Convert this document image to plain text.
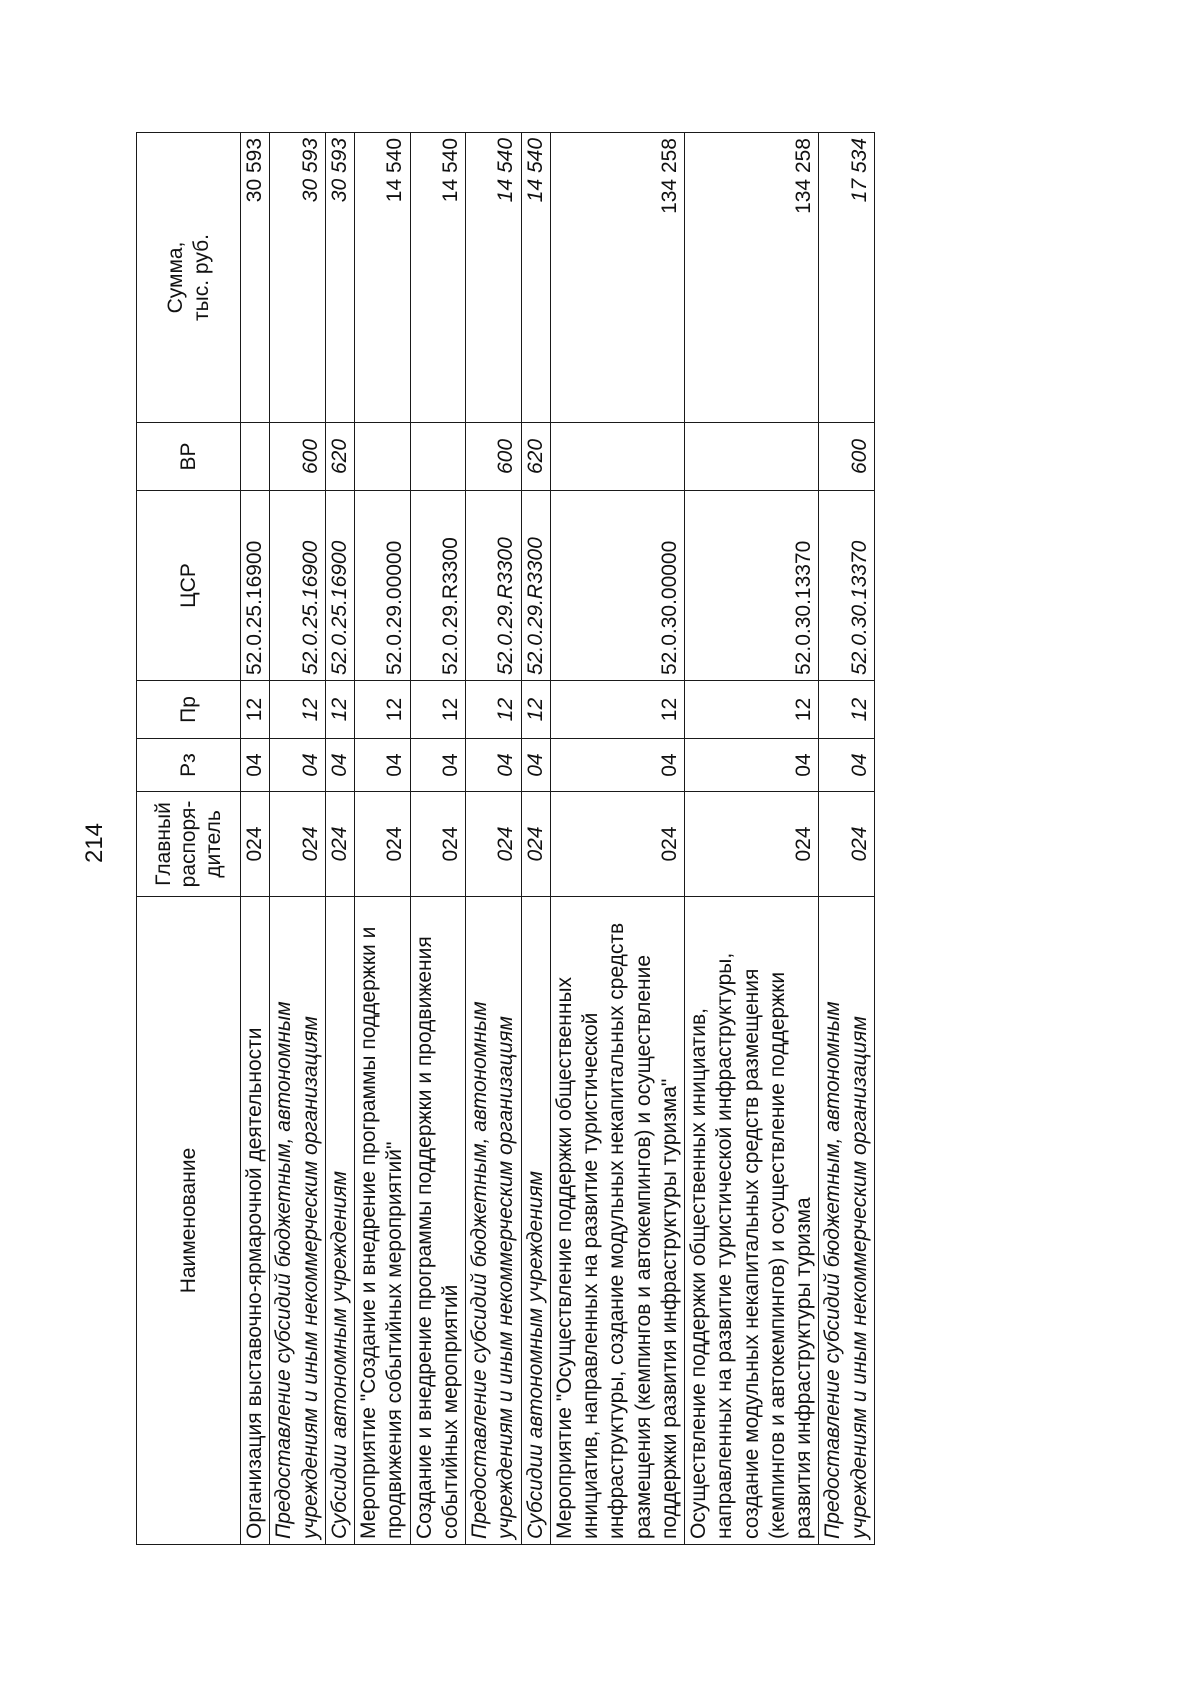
214
Наименование	Главный распоря- дитель	Рз	Пр	ЦСР	ВР	Сумма, тыс. руб.

Организация выставочно-ярмарочной деятельности	024	04	12	52.0.25.16900		30 593
Предоставление субсидий бюджетным, автономным учреждениям и иным некоммерческим организациям	024	04	12	52.0.25.16900	600	30 593
Субсидии автономным учреждениям	024	04	12	52.0.25.16900	620	30 593
Мероприятие "Создание и внедрение программы поддержки и продвижения событийных мероприятий"	024	04	12	52.0.29.00000		14 540
Создание и внедрение программы поддержки и продвижения событийных мероприятий	024	04	12	52.0.29.R3300		14 540
Предоставление субсидий бюджетным, автономным учреждениям и иным некоммерческим организациям	024	04	12	52.0.29.R3300	600	14 540
Субсидии автономным учреждениям	024	04	12	52.0.29.R3300	620	14 540
Мероприятие "Осуществление поддержки общественных инициатив, направленных на развитие туристической инфраструктуры, создание модульных некапитальных средств размещения (кемпингов и автокемпингов) и осуществление поддержки развития инфраструктуры туризма"	024	04	12	52.0.30.00000		134 258
Осуществление поддержки общественных инициатив, направленных на развитие туристической инфраструктуры, создание модульных некапитальных средств размещения (кемпингов и автокемпингов) и осуществление поддержки развития инфраструктуры туризма	024	04	12	52.0.30.13370		134 258
Предоставление субсидий бюджетным, автономным учреждениям и иным некоммерческим организациям	024	04	12	52.0.30.13370	600	17 534
